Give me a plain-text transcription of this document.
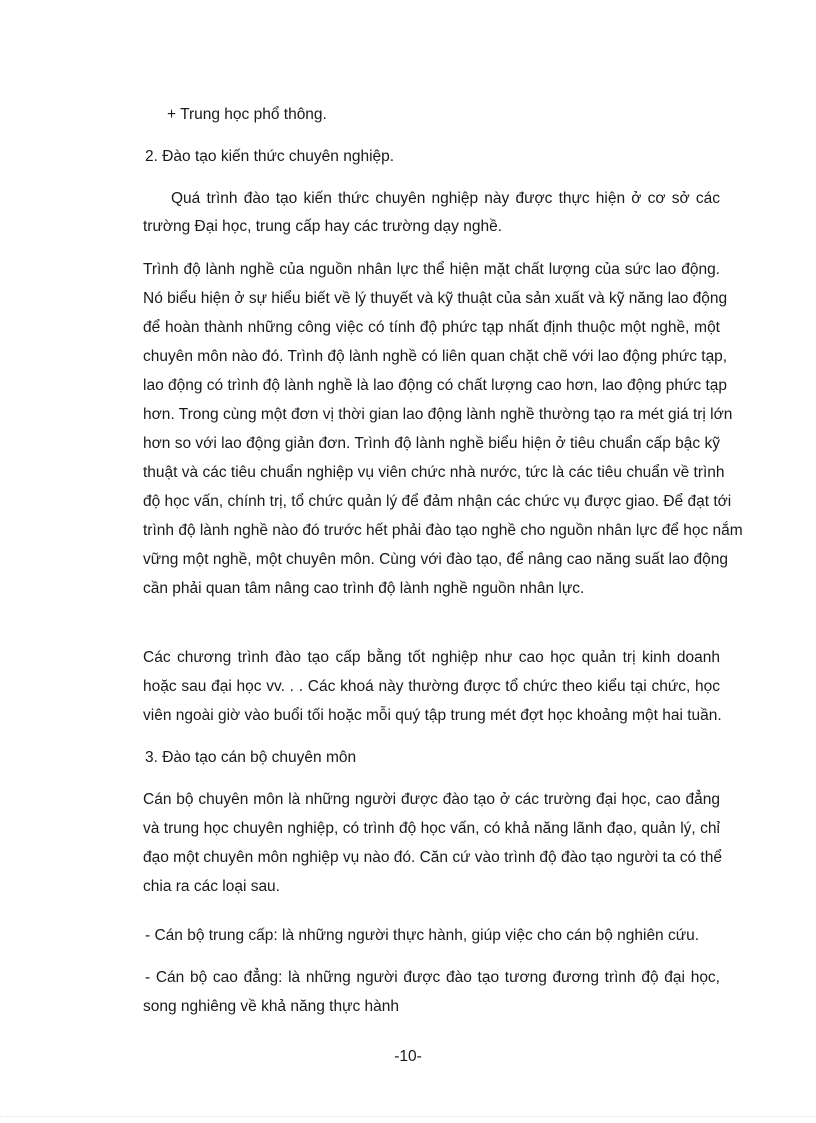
+ Trung học phổ thông.
2. Đào tạo kiến thức chuyên nghiệp.
Quá trình đào tạo kiến thức chuyên nghiệp này được thực hiện ở cơ sở các
trường Đại học, trung cấp hay các trường dạy nghề.
Trình độ lành nghề của nguồn nhân lực thể hiện mặt chất lượng của sức lao động.
Nó biểu hiện ở sự hiểu biết về lý thuyết và kỹ thuật của sản xuất và kỹ năng lao động
để hoàn thành những công việc có tính độ phức tạp nhất định thuộc một nghề, một
chuyên môn nào đó. Trình độ lành nghề có liên quan chặt chẽ với lao động phức tạp,
lao động có trình độ lành nghề là lao động có chất lượng cao hơn, lao động phức tạp
hơn. Trong cùng một đơn vị thời gian lao động lành nghề thường tạo ra mét giá trị lớn
hơn so với lao động giản đơn. Trình độ lành nghề biểu hiện ở tiêu chuẩn cấp bậc kỹ
thuật và các tiêu chuẩn nghiệp vụ viên chức nhà nước, tức là các tiêu chuẩn về trình
độ học vấn, chính trị, tổ chức quản lý để đảm nhận các chức vụ được giao. Để đạt tới
trình độ lành nghề nào đó trước hết phải đào tạo nghề cho nguồn nhân lực để học nắm
vững một nghề, một chuyên môn. Cùng với đào tạo, để nâng cao năng suất lao động
cần phải quan tâm nâng cao trình độ lành nghề nguồn nhân lực.
Các chương trình đào tạo cấp bằng tốt nghiệp như cao học quản trị kinh doanh
hoặc sau đại học vv. . . Các khoá này thường được tổ chức theo kiểu tại chức, học
viên ngoài giờ vào buổi tối hoặc mỗi quý tập trung mét đợt học khoảng một hai tuần.
3. Đào tạo cán bộ chuyên môn
Cán bộ chuyên môn là những người được đào tạo ở các trường đại học, cao đẳng
và trung học chuyên nghiệp, có trình độ học vấn, có khả năng lãnh đạo, quản lý, chỉ
đạo một chuyên môn nghiệp vụ nào đó. Căn cứ vào trình độ đào tạo người ta có thể
chia ra các loại sau.
- Cán bộ trung cấp: là những người thực hành, giúp việc cho cán bộ nghiên cứu.
- Cán bộ cao đẳng: là những người được đào tạo tương đương trình độ đại học,
song nghiêng về khả năng thực hành
-10-
